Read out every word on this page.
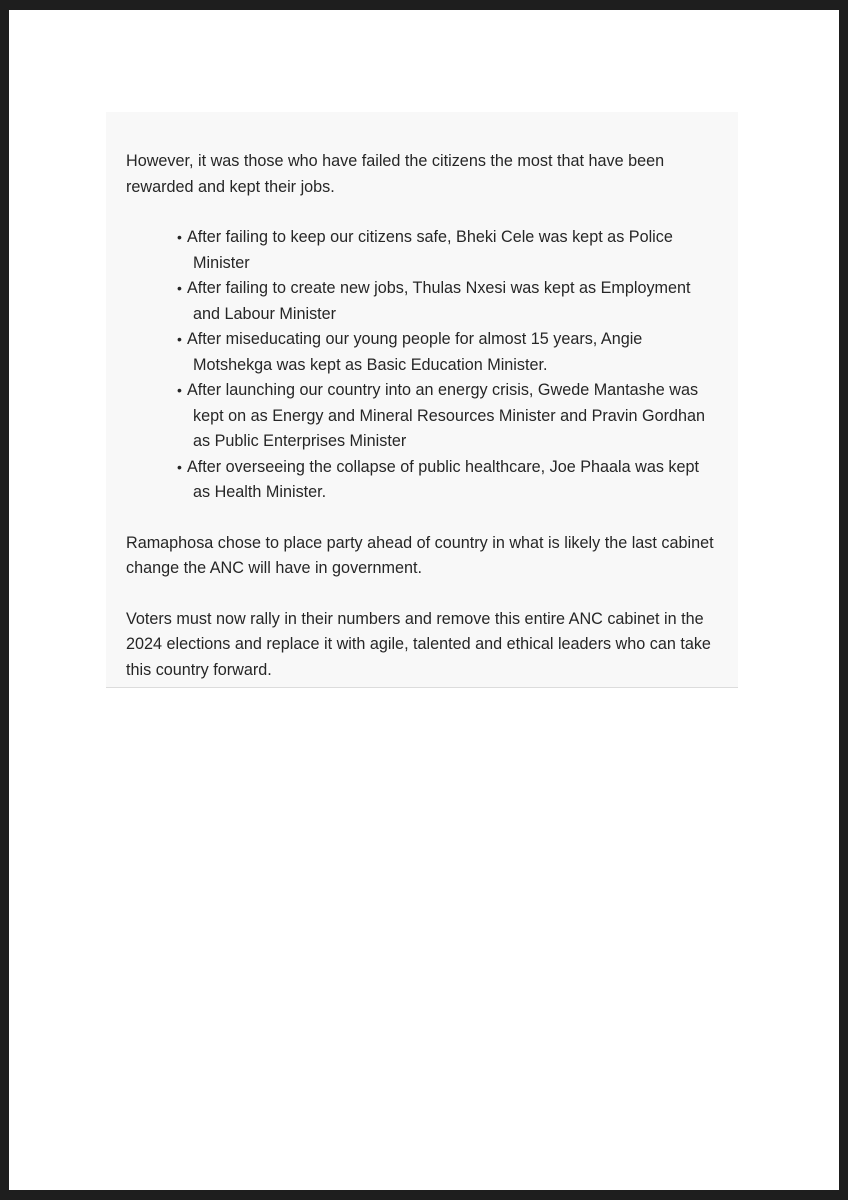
However, it was those who have failed the citizens the most that have been rewarded and kept their jobs.

• After failing to keep our citizens safe, Bheki Cele was kept as Police Minister
• After failing to create new jobs, Thulas Nxesi was kept as Employment and Labour Minister
• After miseducating our young people for almost 15 years, Angie Motshekga was kept as Basic Education Minister.
• After launching our country into an energy crisis, Gwede Mantashe was kept on as Energy and Mineral Resources Minister and Pravin Gordhan as Public Enterprises Minister
• After overseeing the collapse of public healthcare, Joe Phaala was kept as Health Minister.

Ramaphosa chose to place party ahead of country in what is likely the last cabinet change the ANC will have in government.

Voters must now rally in their numbers and remove this entire ANC cabinet in the 2024 elections and replace it with agile, talented and ethical leaders who can take this country forward.
